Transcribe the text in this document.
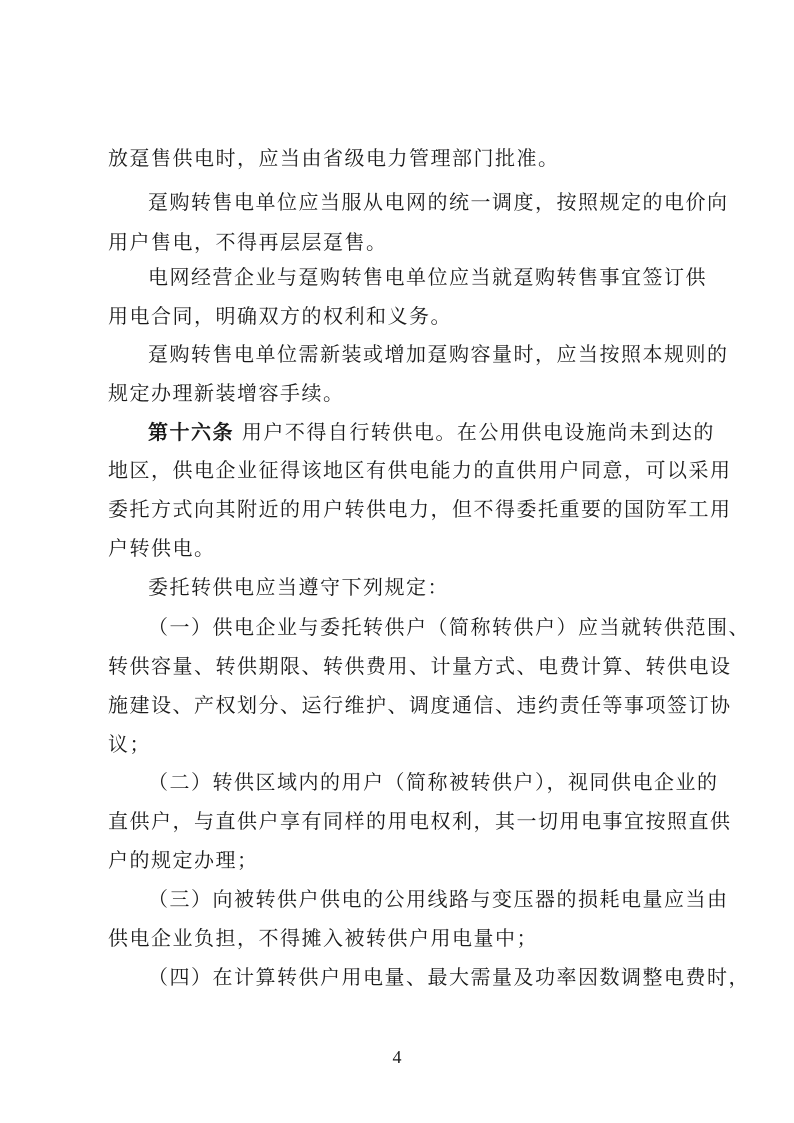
放趸售供电时，应当由省级电力管理部门批准。
趸购转售电单位应当服从电网的统一调度，按照规定的电价向
用户售电，不得再层层趸售。
电网经营企业与趸购转售电单位应当就趸购转售事宜签订供
用电合同，明确双方的权利和义务。
趸购转售电单位需新装或增加趸购容量时，应当按照本规则的
规定办理新装增容手续。
第十六条 用户不得自行转供电。在公用供电设施尚未到达的
地区，供电企业征得该地区有供电能力的直供用户同意，可以采用
委托方式向其附近的用户转供电力，但不得委托重要的国防军工用
户转供电。
委托转供电应当遵守下列规定：
（一）供电企业与委托转供户（简称转供户）应当就转供范围、
转供容量、转供期限、转供费用、计量方式、电费计算、转供电设
施建设、产权划分、运行维护、调度通信、违约责任等事项签订协
议；
（二）转供区域内的用户（简称被转供户），视同供电企业的
直供户，与直供户享有同样的用电权利，其一切用电事宜按照直供
户的规定办理；
（三）向被转供户供电的公用线路与变压器的损耗电量应当由
供电企业负担，不得摊入被转供户用电量中；
（四）在计算转供户用电量、最大需量及功率因数调整电费时，
4
